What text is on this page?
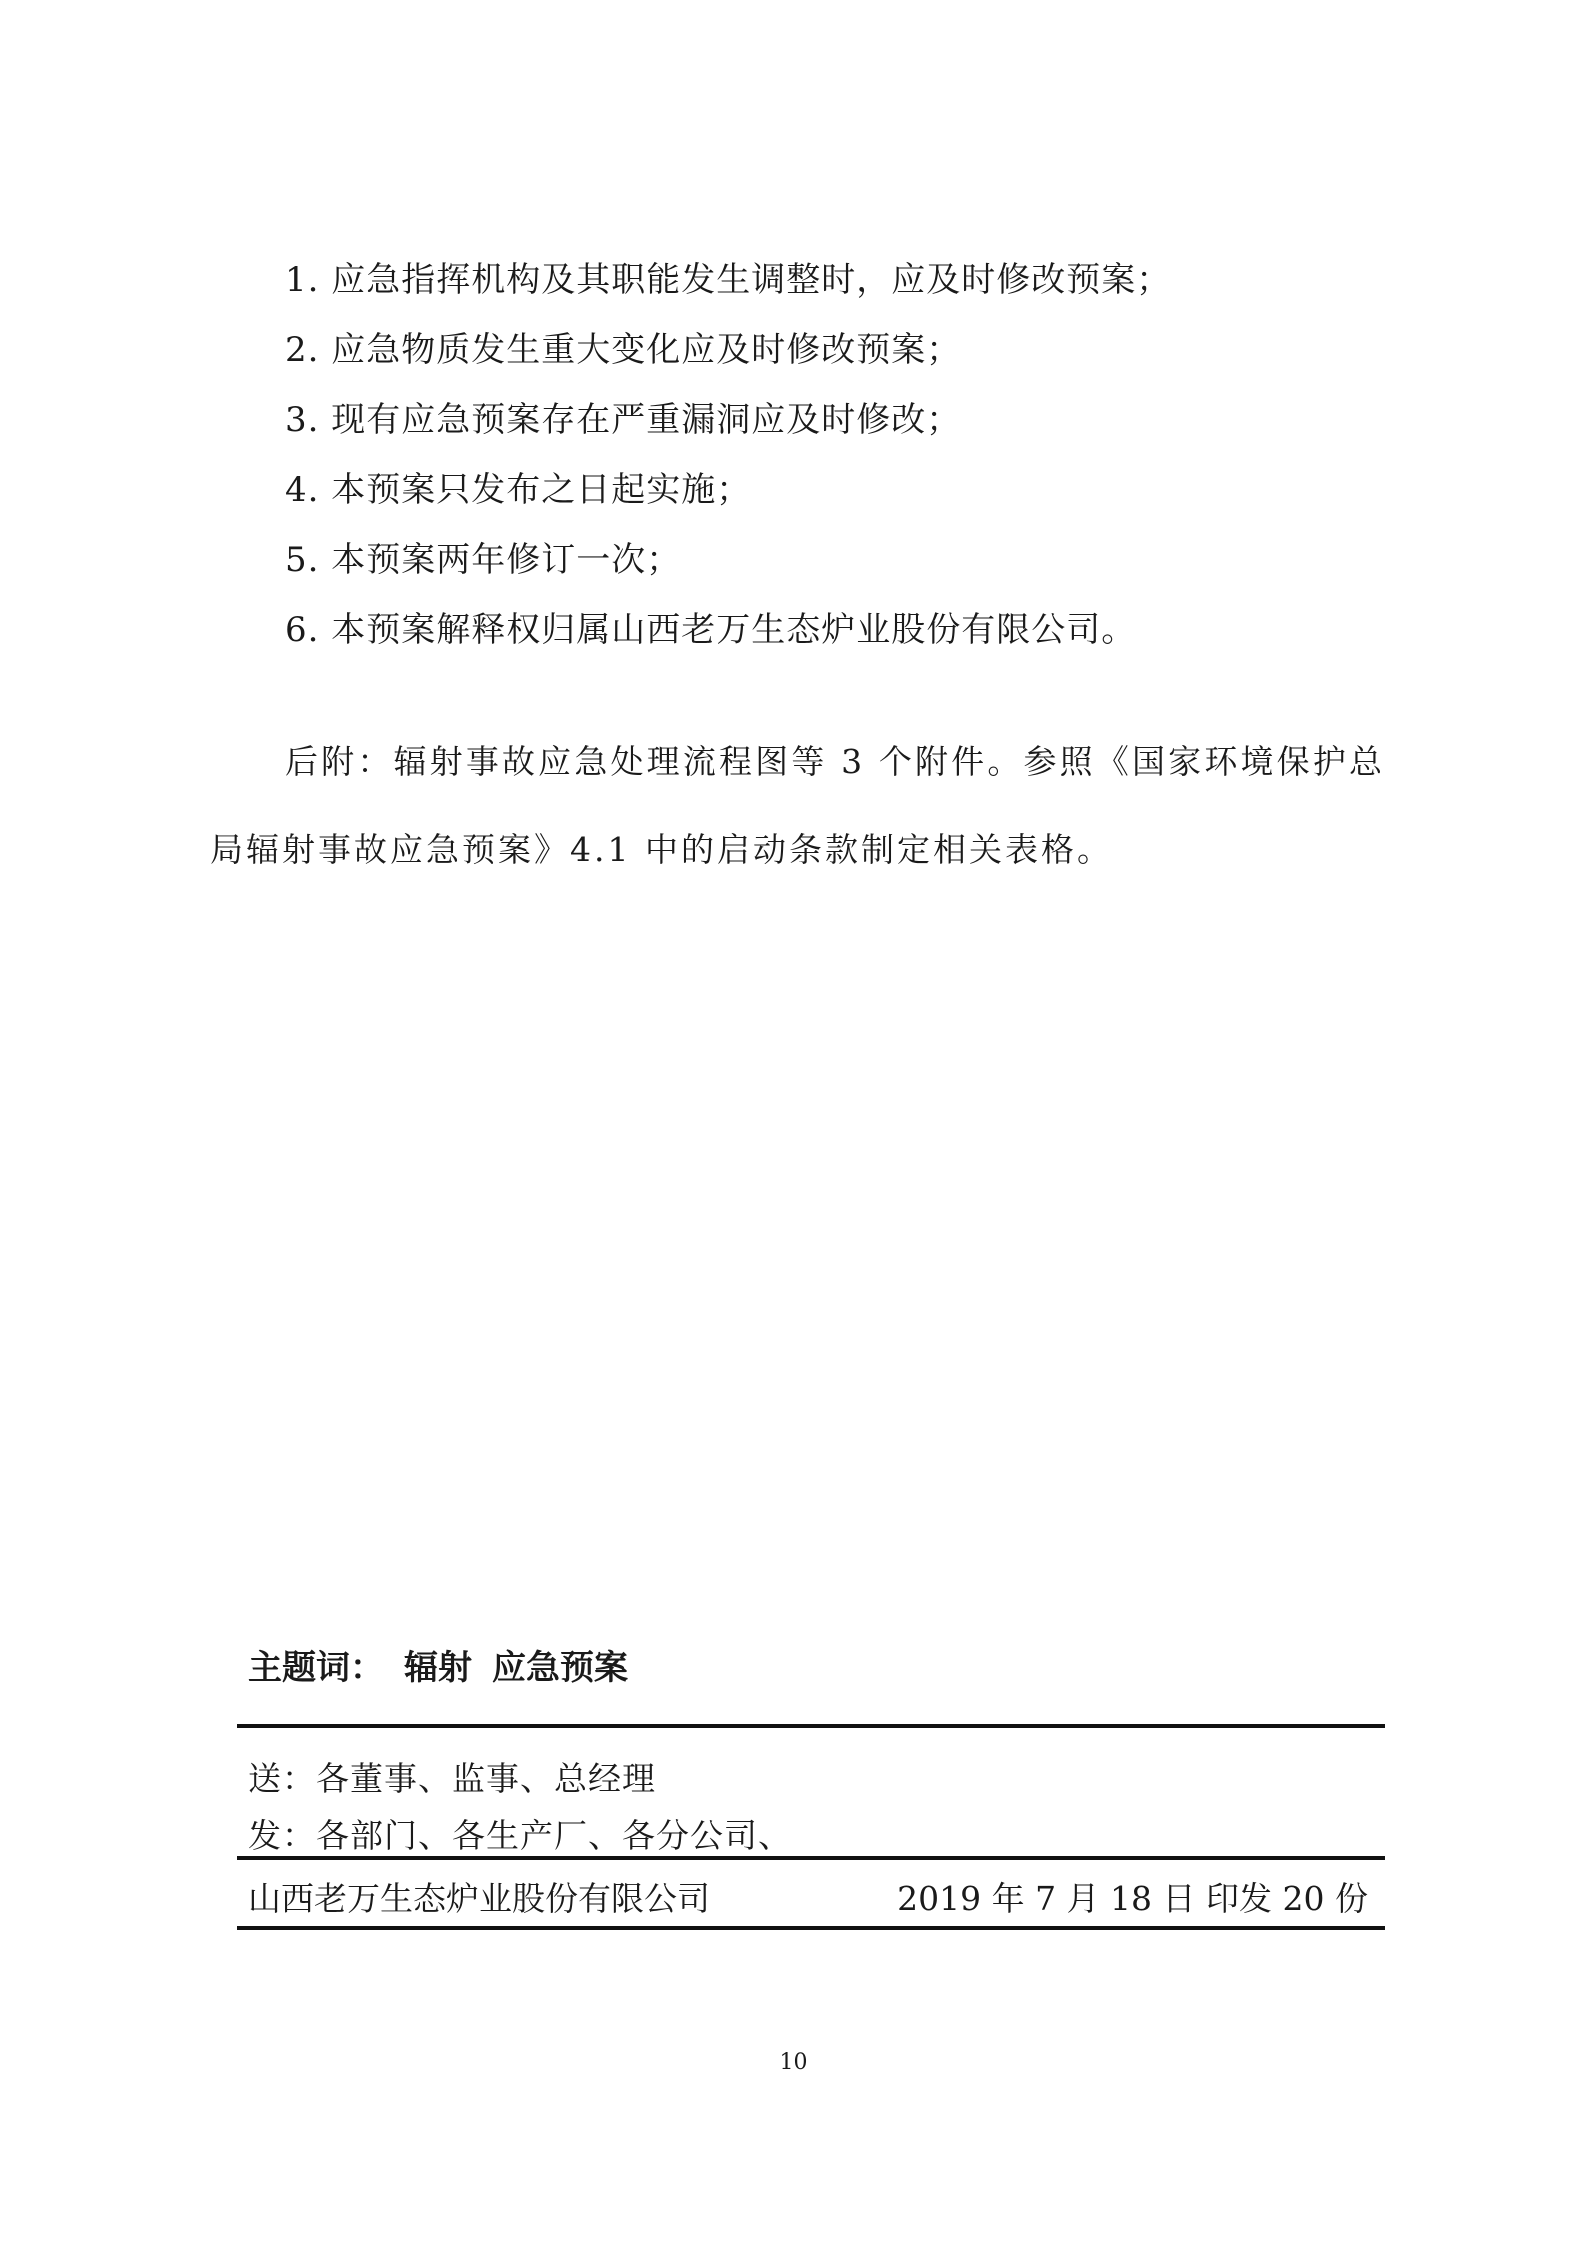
1. 应急指挥机构及其职能发生调整时，应及时修改预案；
2. 应急物质发生重大变化应及时修改预案；
3. 现有应急预案存在严重漏洞应及时修改；
4. 本预案只发布之日起实施；
5. 本预案两年修订一次；
6. 本预案解释权归属山西老万生态炉业股份有限公司。
后附：辐射事故应急处理流程图等 3 个附件。参照《国家环境保护总局辐射事故应急预案》4.1 中的启动条款制定相关表格。
主题词： 辐射 应急预案
送：各董事、监事、总经理
发：各部门、各生产厂、各分公司、
山西老万生态炉业股份有限公司	2019 年 7 月 18 日 印发 20 份
10
